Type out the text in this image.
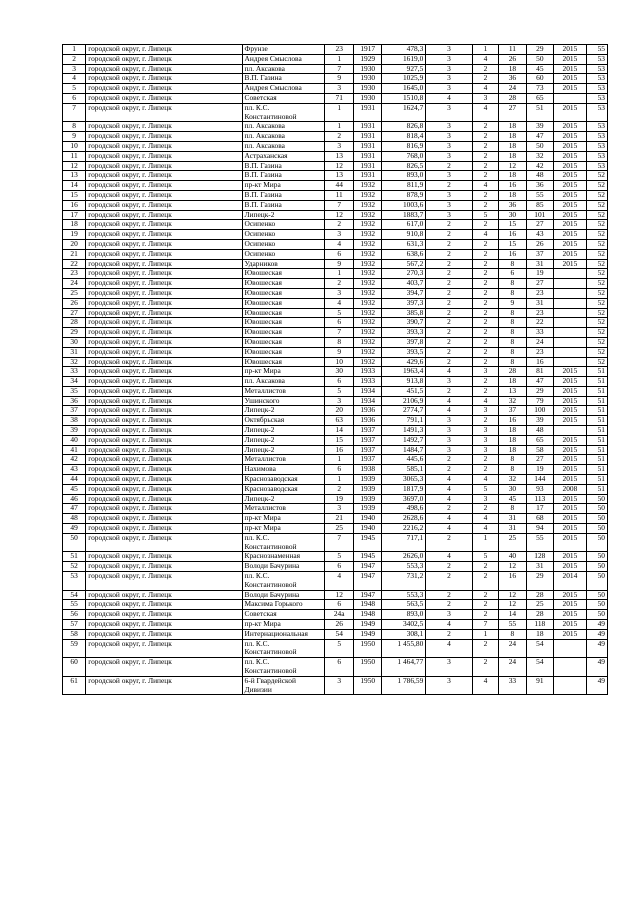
1	городской округ, г. Липецк	Фрунзе	23	1917	478,3	3	1	11	29	2015	55
2	городской округ, г. Липецк	Андрея Смыслова	1	1929	1619,0	3	4	26	50	2015	53
3	городской округ, г. Липецк	пл. Аксакова	7	1930	927,5	3	2	18	45	2015	53
4	городской округ, г. Липецк	В.П. Газина	9	1930	1025,9	3	2	36	60	2015	53
5	городской округ, г. Липецк	Андрея Смыслова	3	1930	1645,0	3	4	24	73	2015	53
6	городской округ, г. Липецк	Советская	71	1930	1510,8	4	3	28	65		53
7	городской округ, г. Липецк	пл. К.С. Константиновой	1	1931	1624,7	3	4	27	51	2015	53
8	городской округ, г. Липецк	пл. Аксакова	1	1931	826,8	3	2	18	39	2015	53
9	городской округ, г. Липецк	пл. Аксакова	2	1931	818,4	3	2	18	47	2015	53
10	городской округ, г. Липецк	пл. Аксакова	3	1931	816,9	3	2	18	50	2015	53
11	городской округ, г. Липецк	Астраханская	13	1931	768,0	3	2	18	32	2015	53
12	городской округ, г. Липецк	В.П. Газина	12	1931	826,5	2	2	12	42	2015	53
13	городской округ, г. Липецк	В.П. Газина	13	1931	893,0	3	2	18	48	2015	52
14	городской округ, г. Липецк	пр-кт Мира	44	1932	811,9	2	4	16	36	2015	52
15	городской округ, г. Липецк	В.П. Газина	11	1932	878,9	3	2	18	55	2015	52
16	городской округ, г. Липецк	В.П. Газина	7	1932	1003,6	3	2	36	85	2015	52
17	городской округ, г. Липецк	Липецк-2	12	1932	1883,7	3	5	30	101	2015	52
18	городской округ, г. Липецк	Осипенко	2	1932	617,0	2	2	15	27	2015	52
19	городской округ, г. Липецк	Осипенко	3	1932	910,8	2	4	16	43	2015	52
20	городской округ, г. Липецк	Осипенко	4	1932	631,3	2	2	15	26	2015	52
21	городской округ, г. Липецк	Осипенко	6	1932	638,6	2	2	16	37	2015	52
22	городской округ, г. Липецк	Ударников	9	1932	567,2	2	2	8	31	2015	52
23	городской округ, г. Липецк	Ювошеская	1	1932	270,3	2	2	6	19		52
24	городской округ, г. Липецк	Ювошеская	2	1932	403,7	2	2	8	27		52
25	городской округ, г. Липецк	Ювошеская	3	1932	394,7	2	2	8	23		52
26	городской округ, г. Липецк	Ювошеская	4	1932	397,3	2	2	9	31		52
27	городской округ, г. Липецк	Ювошеская	5	1932	385,8	2	2	8	23		52
28	городской округ, г. Липецк	Ювошеская	6	1932	390,7	2	2	8	22		52
29	городской округ, г. Липецк	Ювошеская	7	1932	393,3	2	2	8	33		52
30	городской округ, г. Липецк	Ювошеская	8	1932	397,8	2	2	8	24		52
31	городской округ, г. Липецк	Ювошеская	9	1932	393,5	2	2	8	23		52
32	городской округ, г. Липецк	Ювошеская	10	1932	429,6	2	2	8	16		52
33	городской округ, г. Липецк	пр-кт Мира	30	1933	1963,4	4	3	28	81	2015	51
34	городской округ, г. Липецк	пл. Аксакова	6	1933	913,8	3	2	18	47	2015	51
35	городской округ, г. Липецк	Металлистов	5	1934	451,5	2	2	13	29	2015	51
36	городской округ, г. Липецк	Ушинского	3	1934	2106,9	4	4	32	79	2015	51
37	городской округ, г. Липецк	Липецк-2	20	1936	2774,7	4	3	37	100	2015	51
38	городской округ, г. Липецк	Октябрьская	63	1936	791,1	3	2	16	39	2015	51
39	городской округ, г. Липецк	Липецк-2	14	1937	1491,3	3	3	18	48		51
40	городской округ, г. Липецк	Липецк-2	15	1937	1492,7	3	3	18	65	2015	51
41	городской округ, г. Липецк	Липецк-2	16	1937	1484,7	3	3	18	58	2015	51
42	городской округ, г. Липецк	Металлистов	1	1937	445,6	2	2	8	27	2015	51
43	городской округ, г. Липецк	Нахимова	6	1938	585,1	2	2	8	19	2015	51
44	городской округ, г. Липецк	Краснозаводская	1	1939	3065,3	4	4	32	144	2015	51
45	городской округ, г. Липецк	Краснозаводская	2	1939	1817,9	4	5	30	93	2008	51
46	городской округ, г. Липецк	Липецк-2	19	1939	3697,0	4	3	45	113	2015	50
47	городской округ, г. Липецк	Металлистов	3	1939	498,6	2	2	8	17	2015	50
48	городской округ, г. Липецк	пр-кт Мира	21	1940	2628,6	4	4	31	68	2015	50
49	городской округ, г. Липецк	пр-кт Мира	25	1940	2216,2	4	4	31	94	2015	50
50	городской округ, г. Липецк	пл. К.С. Константиновой	7	1945	717,1	2	1	25	55	2015	50
51	городской округ, г. Липецк	Краснознаменная	5	1945	2626,0	4	5	40	128	2015	50
52	городской округ, г. Липецк	Володи Бачурина	6	1947	553,3	2	2	12	31	2015	50
53	городской округ, г. Липецк	пл. К.С. Константиновой	4	1947	731,2	2	2	16	29	2014	50
54	городской округ, г. Липецк	Володи Бачурина	12	1947	553,3	2	2	12	28	2015	50
55	городской округ, г. Липецк	Максима Горького	6	1948	563,5	2	2	12	25	2015	50
56	городской округ, г. Липецк	Советская	24a	1948	893,0	3	2	14	28	2015	50
57	городской округ, г. Липецк	пр-кт Мира	26	1949	3402,5	4	7	55	118	2015	49
58	городской округ, г. Липецк	Интернациональная	54	1949	308,1	2	1	8	18	2015	49
59	городской округ, г. Липецк	пл. К.С. Константиновой	5	1950	1 455,80	4	2	24	54		49
60	городской округ, г. Липецк	пл. К.С. Константиновой	6	1950	1 464,77	3	2	24	54		49
61	городской округ, г. Липецк	6-й Гвардейской Дивизии	3	1950	1 786,59	3	4	33	91		49
